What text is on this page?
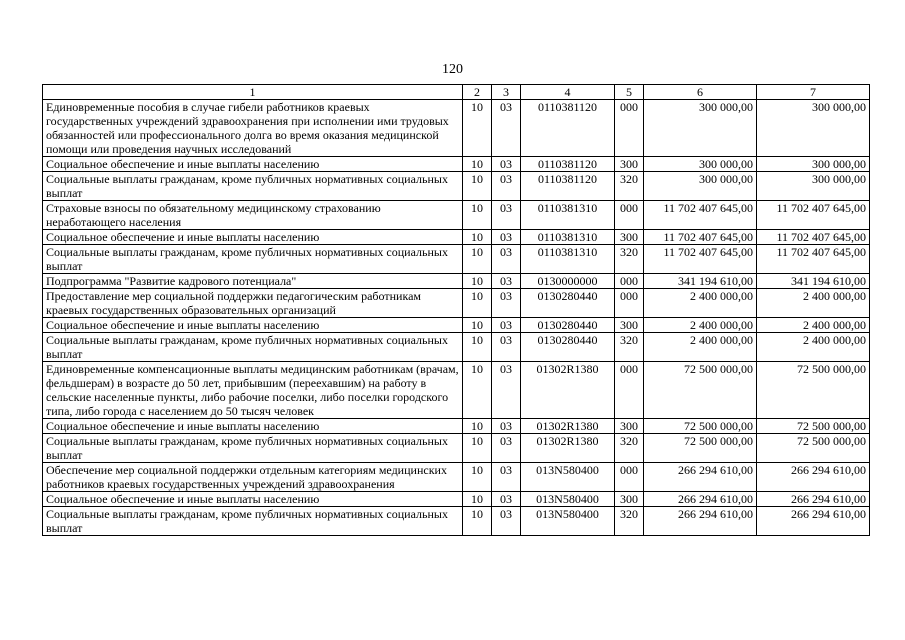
120
1	2	3	4	5	6	7
Единовременные пособия в случае гибели работников краевых государственных учреждений здравоохранения при исполнении ими трудовых обязанностей или профессионального долга во время оказания медицинской помощи или проведения научных исследований	10	03	0110381120	000	300 000,00	300 000,00
Социальное обеспечение и иные выплаты населению	10	03	0110381120	300	300 000,00	300 000,00
Социальные выплаты гражданам, кроме публичных нормативных социальных выплат	10	03	0110381120	320	300 000,00	300 000,00
Страховые взносы по обязательному медицинскому страхованию неработающего населения	10	03	0110381310	000	11 702 407 645,00	11 702 407 645,00
Социальное обеспечение и иные выплаты населению	10	03	0110381310	300	11 702 407 645,00	11 702 407 645,00
Социальные выплаты гражданам, кроме публичных нормативных социальных выплат	10	03	0110381310	320	11 702 407 645,00	11 702 407 645,00
Подпрограмма "Развитие кадрового потенциала"	10	03	0130000000	000	341 194 610,00	341 194 610,00
Предоставление мер социальной поддержки педагогическим работникам краевых государственных образовательных организаций	10	03	0130280440	000	2 400 000,00	2 400 000,00
Социальное обеспечение и иные выплаты населению	10	03	0130280440	300	2 400 000,00	2 400 000,00
Социальные выплаты гражданам, кроме публичных нормативных социальных выплат	10	03	0130280440	320	2 400 000,00	2 400 000,00
Единовременные компенсационные выплаты медицинским работникам (врачам, фельдшерам) в возрасте до 50 лет, прибывшим (переехавшим) на работу в сельские населенные пункты, либо рабочие поселки, либо поселки городского типа, либо города с населением до 50 тысяч человек	10	03	01302R1380	000	72 500 000,00	72 500 000,00
Социальное обеспечение и иные выплаты населению	10	03	01302R1380	300	72 500 000,00	72 500 000,00
Социальные выплаты гражданам, кроме публичных нормативных социальных выплат	10	03	01302R1380	320	72 500 000,00	72 500 000,00
Обеспечение мер социальной поддержки отдельным категориям медицинских работников краевых государственных учреждений здравоохранения	10	03	013N580400	000	266 294 610,00	266 294 610,00
Социальное обеспечение и иные выплаты населению	10	03	013N580400	300	266 294 610,00	266 294 610,00
Социальные выплаты гражданам, кроме публичных нормативных социальных выплат	10	03	013N580400	320	266 294 610,00	266 294 610,00
